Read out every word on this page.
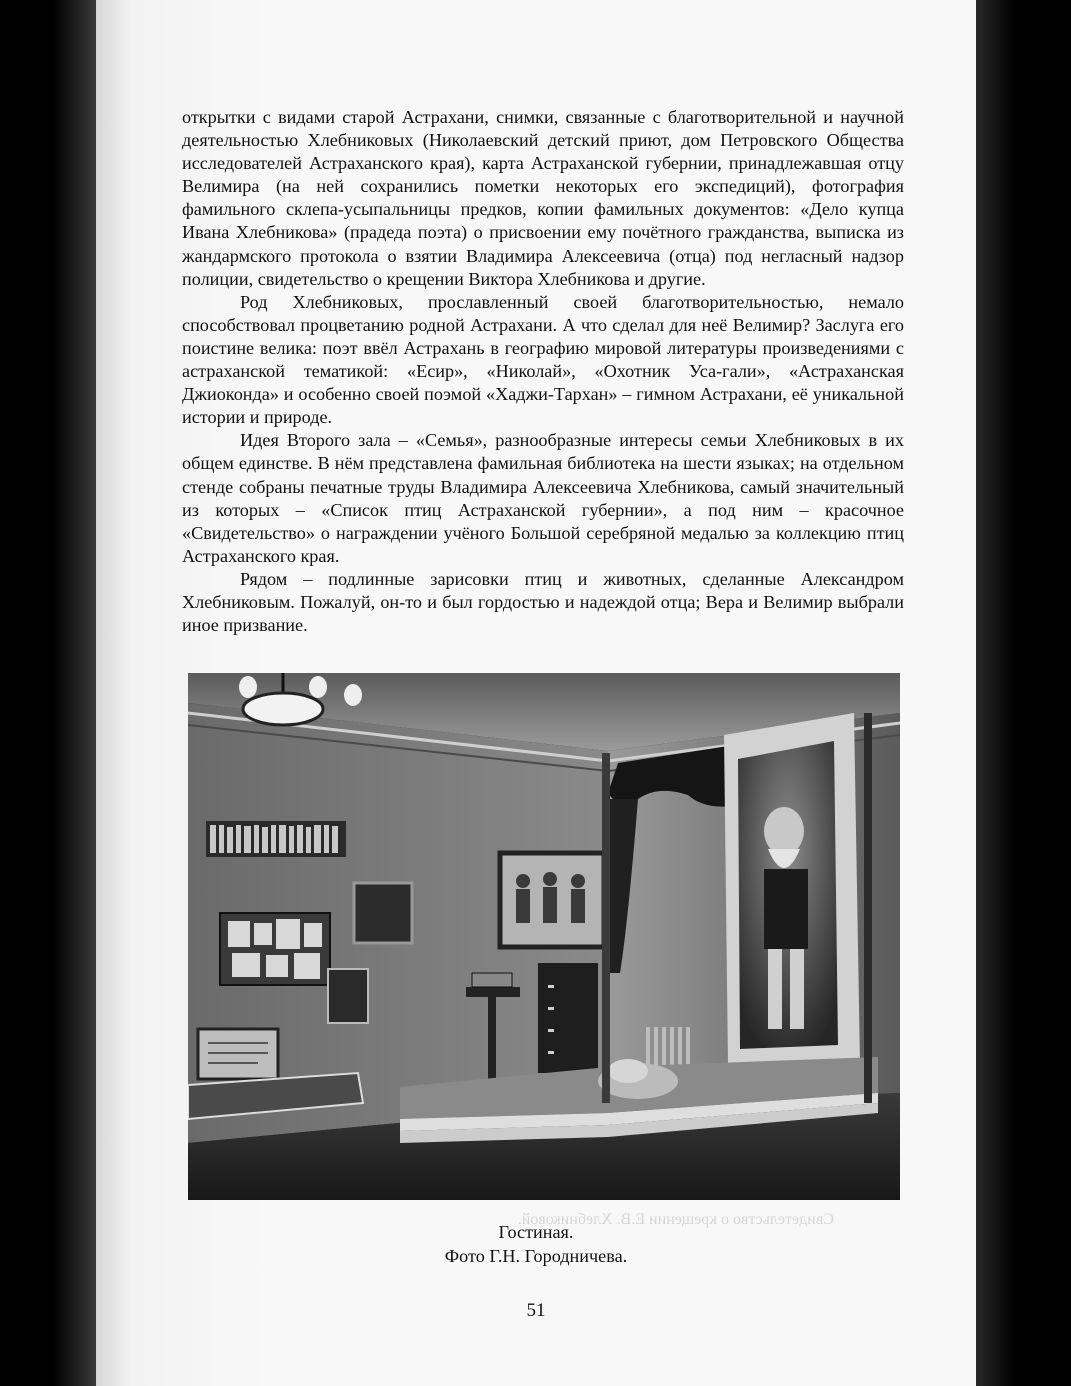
открытки с видами старой Астрахани, снимки, связанные с благотворительной и научной деятельностью Хлебниковых (Николаевский детский приют, дом Петровского Общества исследователей Астраханского края), карта Астраханской губернии, принадлежавшая отцу Велимира (на ней сохранились пометки некоторых его экспедиций), фотография фамильного склепа-усыпальницы предков, копии фамильных документов: «Дело купца Ивана Хлебникова» (прадеда поэта) о присвоении ему почётного гражданства, выписка из жандармского протокола о взятии Владимира Алексеевича (отца) под негласный надзор полиции, свидетельство о крещении Виктора Хлебникова и другие.

Род Хлебниковых, прославленный своей благотворительностью, немало способствовал процветанию родной Астрахани. А что сделал для неё Велимир? Заслуга его поистине велика: поэт ввёл Астрахань в географию мировой литературы произведениями с астраханской тематикой: «Есир», «Николай», «Охотник Уса-гали», «Астраханская Джиоконда» и особенно своей поэмой «Хаджи-Тархан» – гимном Астрахани, её уникальной истории и природе.

Идея Второго зала – «Семья», разнообразные интересы семьи Хлебниковых в их общем единстве. В нём представлена фамильная библиотека на шести языках; на отдельном стенде собраны печатные труды Владимира Алексеевича Хлебникова, самый значительный из которых – «Список птиц Астраханской губернии», а под ним – красочное «Свидетельство» о награждении учёного Большой серебряной медалью за коллекцию птиц Астраханского края.

Рядом – подлинные зарисовки птиц и животных, сделанные Александром Хлебниковым. Пожалуй, он-то и был гордостью и надеждой отца; Вера и Велимир выбрали иное призвание.

Свидетельство о крещении Е.В. Хлебниковой.
Гостиная.
Фото Г.Н. Городничева.
51
